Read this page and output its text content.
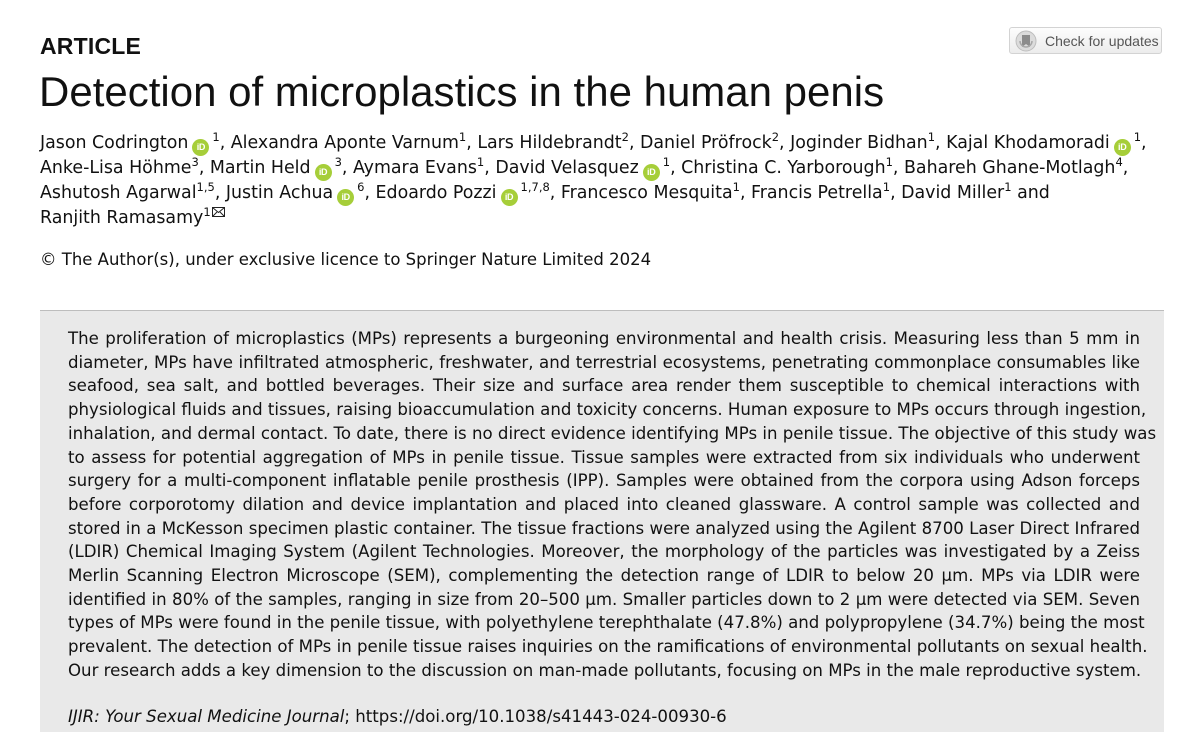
ARTICLE	Check for updates
Detection of microplastics in the human penis
Jason Codrington $iD^1$, Alexandra Aponte Varnum$^1$, Lars Hildebrandt$^2$, Daniel Pröfrock$^2$, Joginder Bidhan$^1$, Kajal Khodamoradi $iD^1$,
Anke-Lisa Höhme$^3$, Martin Held $iD^3$, Aymara Evans$^1$, David Velasquez $iD^1$, Christina C. Yarborough$^1$, Bahareh Ghane-Motlagh$^4$,
Ashutosh Agarwal$^{1,5}$, Justin Achua $iD^6$, Edoardo Pozzi iD$^{1,7,8}$, Francesco Mesquita$^1$, Francis Petrella$^1$, David Miller$^1$ and
Ranjith Ramasamy$^1$
© The Author(s), under exclusive licence to Springer Nature Limited 2024
The proliferation of microplastics (MPs) represents a burgeoning environmental and health crisis. Measuring less than 5 mm in
diameter, MPs have infiltrated atmospheric, freshwater, and terrestrial ecosystems, penetrating commonplace consumables like
seafood, sea salt, and bottled beverages. Their size and surface area render them susceptible to chemical interactions with
physiological fluids and tissues, raising bioaccumulation and toxicity concerns. Human exposure to MPs occurs through ingestion,
inhalation, and dermal contact. To date, there is no direct evidence identifying MPs in penile tissue. The objective of this study was
to assess for potential aggregation of MPs in penile tissue. Tissue samples were extracted from six individuals who underwent
surgery for a multi-component inflatable penile prosthesis (IPP). Samples were obtained from the corpora using Adson forceps
before corporotomy dilation and device implantation and placed into cleaned glassware. A control sample was collected and
stored in a McKesson specimen plastic container. The tissue fractions were analyzed using the Agilent 8700 Laser Direct Infrared
(LDIR) Chemical Imaging System (Agilent Technologies. Moreover, the morphology of the particles was investigated by a Zeiss
Merlin Scanning Electron Microscope (SEM), complementing the detection range of LDIR to below 20 μm. MPs via LDIR were
identified in 80% of the samples, ranging in size from 20–500 μm. Smaller particles down to 2 μm were detected via SEM. Seven
types of MPs were found in the penile tissue, with polyethylene terephthalate (47.8%) and polypropylene (34.7%) being the most
prevalent. The detection of MPs in penile tissue raises inquiries on the ramifications of environmental pollutants on sexual health.
Our research adds a key dimension to the discussion on man-made pollutants, focusing on MPs in the male reproductive system.
IJIR: Your Sexual Medicine Journal; https://doi.org/10.1038/s41443-024-00930-6
